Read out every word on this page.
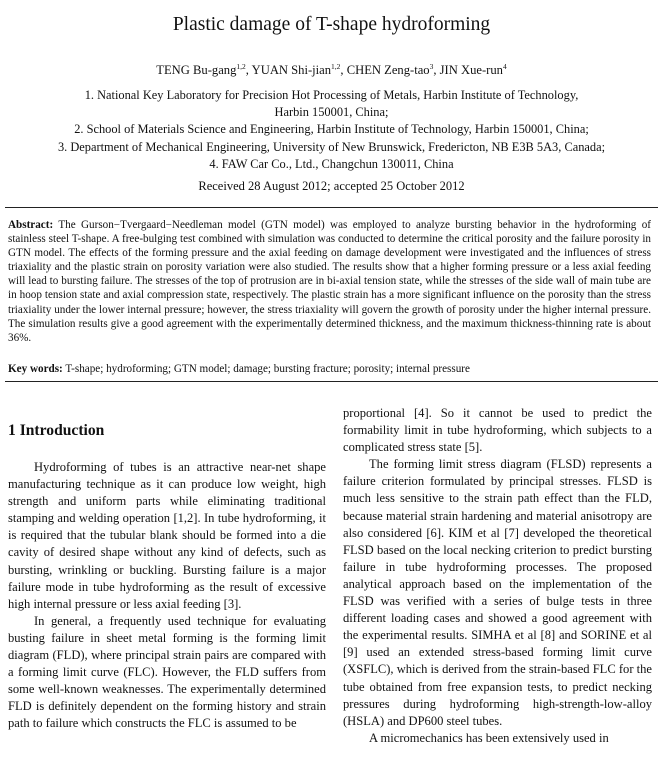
Plastic damage of T-shape hydroforming
TENG Bu-gang$^{1,2}$, YUAN Shi-jian$^{1,2}$, CHEN Zeng-tao$^3$, JIN Xue-run$^4$
1. National Key Laboratory for Precision Hot Processing of Metals, Harbin Institute of Technology,
Harbin 150001, China;
2. School of Materials Science and Engineering, Harbin Institute of Technology, Harbin 150001, China;
3. Department of Mechanical Engineering, University of New Brunswick, Fredericton, NB E3B 5A3, Canada;
4. FAW Car Co., Ltd., Changchun 130011, China
Received 28 August 2012; accepted 25 October 2012
Abstract: The Gurson−Tvergaard−Needleman model (GTN model) was employed to analyze bursting behavior in the hydroforming of stainless steel T-shape. A free-bulging test combined with simulation was conducted to determine the critical porosity and the failure porosity in GTN model. The effects of the forming pressure and the axial feeding on damage development were investigated and the influences of stress triaxiality and the plastic strain on porosity variation were also studied. The results show that a higher forming pressure or a less axial feeding will lead to bursting failure. The stresses of the top of protrusion are in bi-axial tension state, while the stresses of the side wall of main tube are in hoop tension state and axial compression state, respectively. The plastic strain has a more significant influence on the porosity than the stress triaxiality under the lower internal pressure; however, the stress triaxiality will govern the growth of porosity under the higher internal pressure. The simulation results give a good agreement with the experimentally determined thickness, and the maximum thickness-thinning rate is about 36%.
Key words: T-shape; hydroforming; GTN model; damage; bursting fracture; porosity; internal pressure
1 Introduction

Hydroforming of tubes is an attractive near-net shape manufacturing technique as it can produce low weight, high strength and uniform parts while eliminating traditional stamping and welding operation [1,2]. In tube hydroforming, it is required that the tubular blank should be formed into a die cavity of desired shape without any kind of defects, such as bursting, wrinkling or buckling. Bursting failure is a major failure mode in tube hydroforming as the result of excessive high internal pressure or less axial feeding [3].

In general, a frequently used technique for evaluating busting failure in sheet metal forming is the forming limit diagram (FLD), where principal strain pairs are compared with a forming limit curve (FLC). However, the FLD suffers from some well-known weaknesses. The experimentally determined FLD is definitely dependent on the forming history and strain path to failure which constructs the FLC is assumed to be

proportional [4]. So it cannot be used to predict the formability limit in tube hydroforming, which subjects to a complicated stress state [5].

The forming limit stress diagram (FLSD) represents a failure criterion formulated by principal stresses. FLSD is much less sensitive to the strain path effect than the FLD, because material strain hardening and material anisotropy are also considered [6]. KIM et al [7] developed the theoretical FLSD based on the local necking criterion to predict bursting failure in tube hydroforming processes. The proposed analytical approach based on the implementation of the FLSD was verified with a series of bulge tests in three different loading cases and showed a good agreement with the experimental results. SIMHA et al [8] and SORINE et al [9] used an extended stress-based forming limit curve (XSFLC), which is derived from the strain-based FLC for the tube obtained from free expansion tests, to predict necking pressures during hydroforming high-strength-low-alloy (HSLA) and DP600 steel tubes.

A micromechanics has been extensively used in
